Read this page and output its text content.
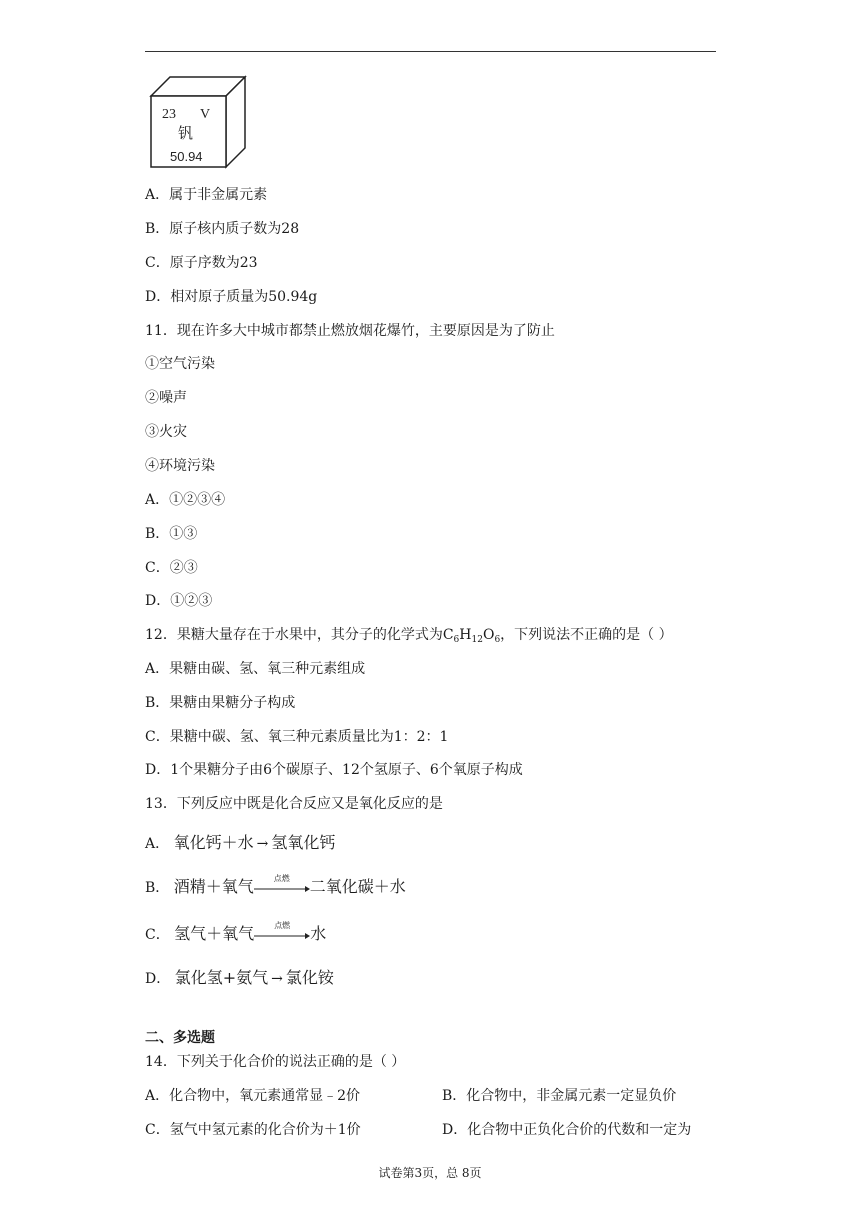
23 V
钒
50.94
A．属于非金属元素
B．原子核内质子数为28
C．原子序数为23
D．相对原子质量为50.94g
11．现在许多大中城市都禁止燃放烟花爆竹，主要原因是为了防止
①空气污染
②噪声
③火灾
④环境污染
A．①②③④
B．①③
C．②③
D．①②③
12．果糖大量存在于水果中，其分子的化学式为$C_6H_{12}O_6$，下列说法不正确的是（ ）
A．果糖由碳、氢、氧三种元素组成
B．果糖由果糖分子构成
C．果糖中碳、氢、氧三种元素质量比为1：2：1
D．1个果糖分子由6个碳原子、12个氢原子、6个氧原子构成
13．下列反应中既是化合反应又是氧化反应的是
A． 氧化钙＋水 → 氢氧化钙
B． 酒精＋氧气	点燃	二氧化碳＋水
C． 氢气＋氧气	点燃	水
D． 氯化氢+氨气 → 氯化铵
二、多选题
14．下列关于化合价的说法正确的是（ ）
A．化合物中，氧元素通常显﹣2价	B．化合物中，非金属元素一定显负价
C．氢气中氢元素的化合价为＋1价	D．化合物中正负化合价的代数和一定为
试卷第3页，总 8页
